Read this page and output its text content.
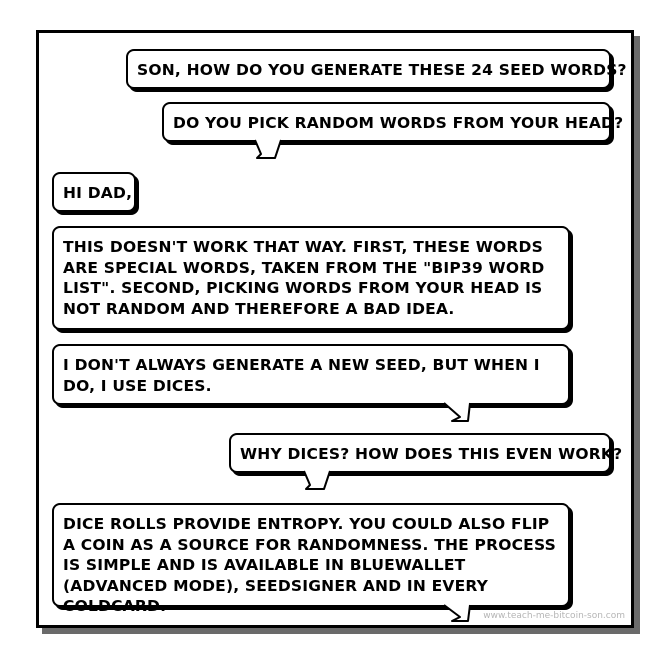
SON, HOW DO YOU GENERATE THESE 24 SEED WORDS?
DO YOU PICK RANDOM WORDS FROM YOUR HEAD?
HI DAD,
THIS DOESN'T WORK THAT WAY. FIRST, THESE WORDS ARE SPECIAL WORDS, TAKEN FROM THE "BIP39 WORD LIST". SECOND, PICKING WORDS FROM YOUR HEAD IS NOT RANDOM AND THEREFORE A BAD IDEA.
I DON'T ALWAYS GENERATE A NEW SEED, BUT WHEN I DO, I USE DICES.
WHY DICES? HOW DOES THIS EVEN WORK?
DICE ROLLS PROVIDE ENTROPY. YOU COULD ALSO FLIP A COIN AS A SOURCE FOR RANDOMNESS. THE PROCESS IS SIMPLE AND IS AVAILABLE IN BLUEWALLET (ADVANCED MODE), SEEDSIGNER AND IN EVERY COLDCARD.
www.teach-me-bitcoin-son.com
